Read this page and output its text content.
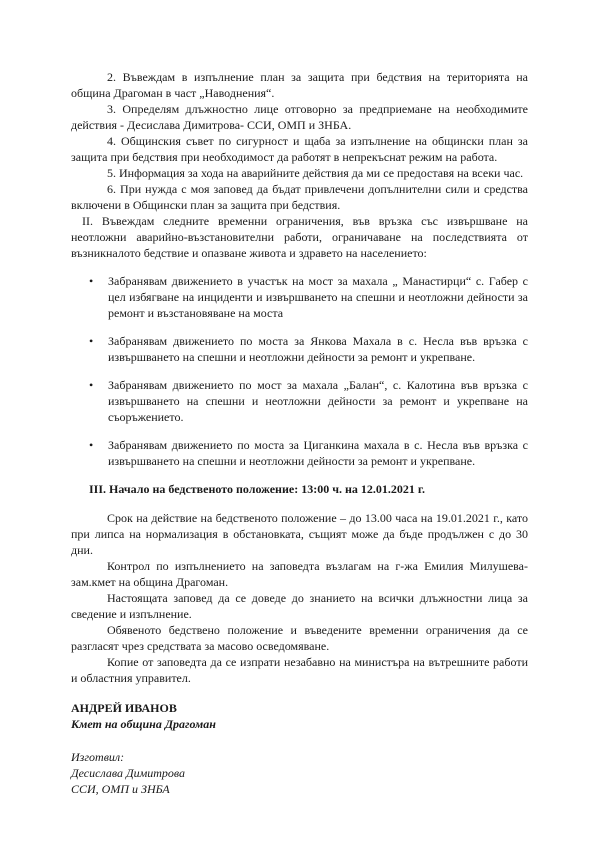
2. Въвеждам в изпълнение план за защита при бедствия на територията на община Драгоман в част „Наводнения“.

3. Определям длъжностно лице отговорно за предприемане на необходимите действия - Десислава Димитрова- ССИ, ОМП и ЗНБА.

4. Общинския съвет по сигурност и щаба за изпълнение на общински план за защита при бедствия при необходимост да работят в непрекъснат режим на работа.

5. Информация за хода на аварийните действия да ми се предоставя на всеки час.

6. При нужда с моя заповед да бъдат привлечени допълнителни сили и средства включени в Общински план за защита при бедствия.

II. Въвеждам следните временни ограничения, във връзка със извършване на неотложни аварийно-възстановителни работи, ограничаване на последствията от възникналото бедствие и опазване живота и здравето на населението:

• Забранявам движението в участък на мост за махала „ Манастирци“ с. Габер с цел избягване на инциденти и извършването на спешни и неотложни дейности за ремонт и възстановяване на моста
• Забранявам движението по моста за Янкова Махала в с. Несла във връзка с извършването на спешни и неотложни дейности за ремонт и укрепване.
• Забранявам движението по мост за махала „Балан“, с. Калотина във връзка с извършването на спешни и неотложни дейности за ремонт и укрепване на съоръжението.
• Забранявам движението по моста за Циганкина махала в с. Несла във връзка с извършването на спешни и неотложни дейности за ремонт и укрепване.

III. Начало на бедственото положение: 13:00 ч. на 12.01.2021 г.

Срок на действие на бедственото положение – до 13.00 часа на 19.01.2021 г., като при липса на нормализация в обстановката, същият може да бъде продължен с до 30 дни.

Контрол по изпълнението на заповедта възлагам на г-жа Емилия Милушева-зам.кмет на община Драгоман.

Настоящата заповед да се доведе до знанието на всички длъжностни лица за сведение и изпълнение.

Обявеното бедствено положение и въведените временни ограничения да се разгласят чрез средствата за масово осведомяване.

Копие от заповедта да се изпрати незабавно на министъра на вътрешните работи и областния управител.

АНДРЕЙ ИВАНОВ
Кмет на община Драгоман
Изготвил:
Десислава Димитрова
ССИ, ОМП и ЗНБА
